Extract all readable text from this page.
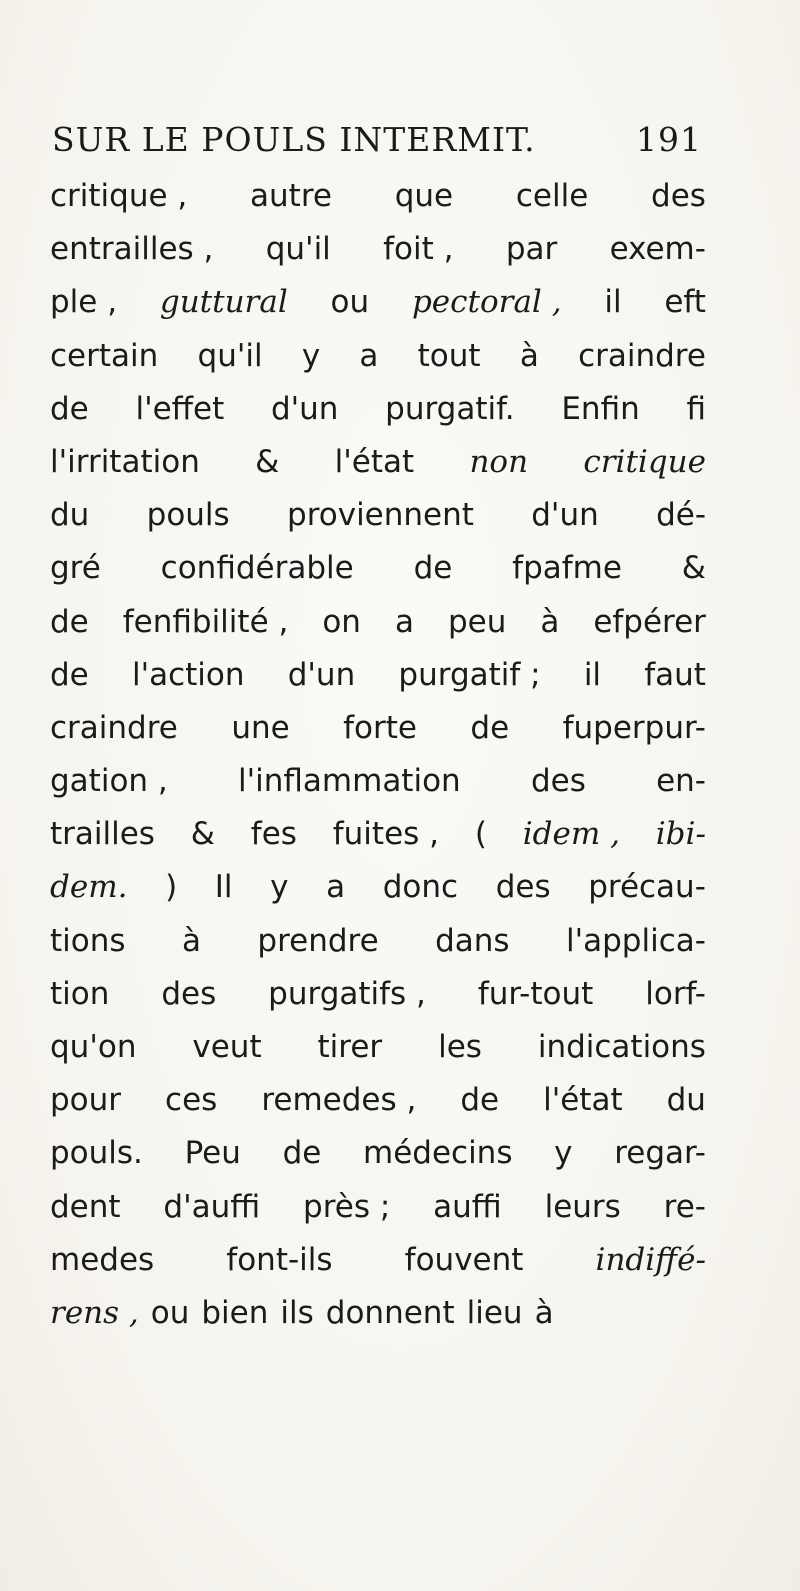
SUR LE POULS INTERMIT.	191
critique , autre que celle des
entrailles , qu'il foit , par exem-
ple , guttural ou pectoral , il eft
certain qu'il y a tout à craindre
de l'effet d'un purgatif. Enfin fi
l'irritation & l'état non critique
du pouls proviennent d'un dé-
gré confidérable de fpafme &
de fenfibilité , on a peu à efpérer
de l'action d'un purgatif ; il faut
craindre une forte de fuperpur-
gation , l'inflammation des en-
trailles & fes fuites , ( idem , ibi-
dem. ) Il y a donc des précau-
tions à prendre dans l'applica-
tion des purgatifs , fur-tout lorf-
qu'on veut tirer les indications
pour ces remedes , de l'état du
pouls. Peu de médecins y regar-
dent d'auffi près ; auffi leurs re-
medes font-ils fouvent indiffé-
rens , ou bien ils donnent lieu à
